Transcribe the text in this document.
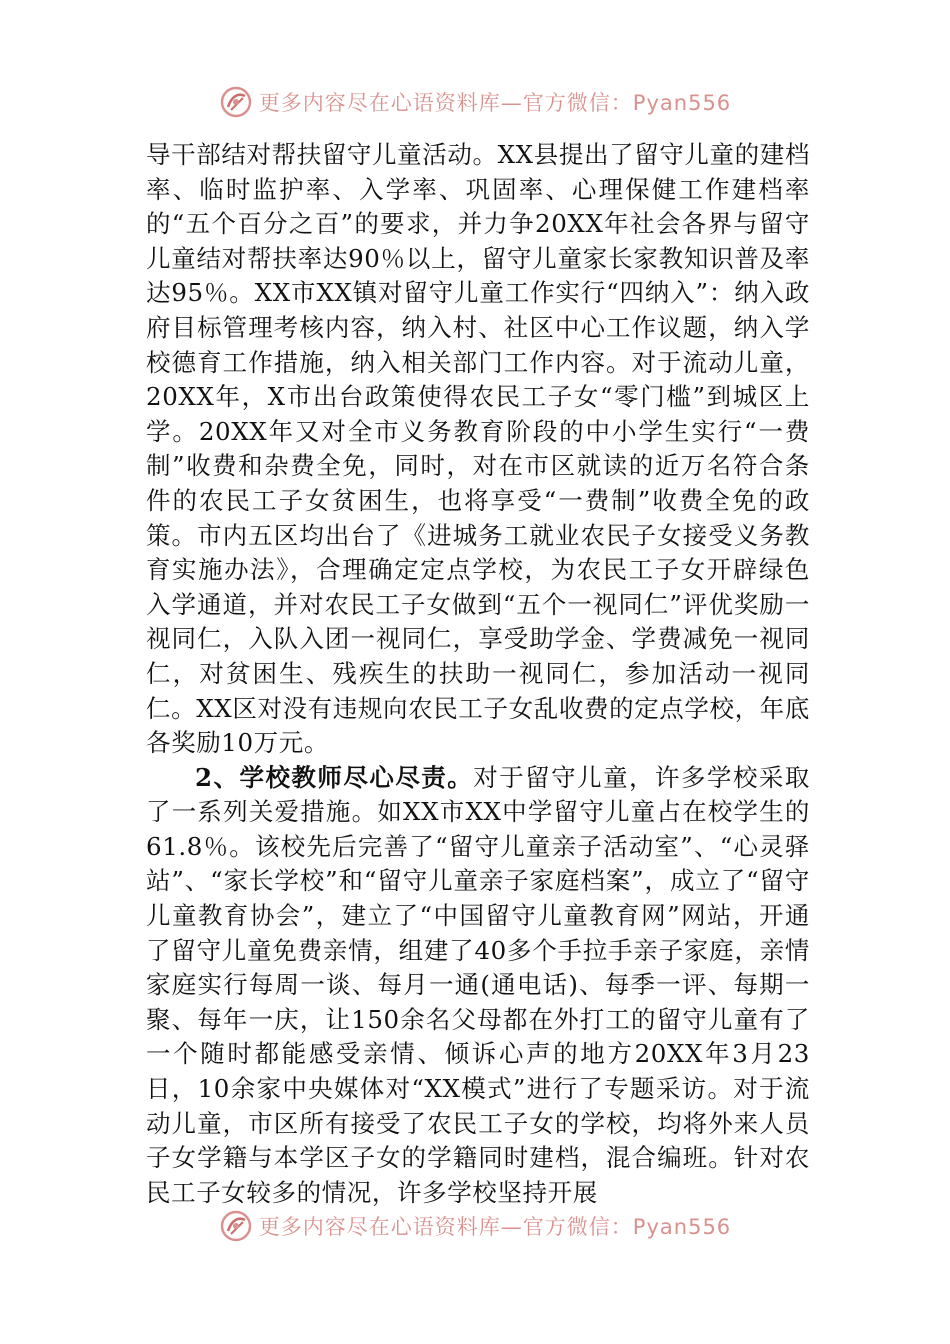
更多内容尽在心语资料库—官方微信：Pyan556

导干部结对帮扶留守儿童活动。XX县提出了留守儿童的建档率、临时监护率、入学率、巩固率、心理保健工作建档率的“五个百分之百”的要求，并力争20XX年社会各界与留守儿童结对帮扶率达90％以上，留守儿童家长家教知识普及率达95％。XX市XX镇对留守儿童工作实行“四纳入”：纳入政府目标管理考核内容，纳入村、社区中心工作议题，纳入学校德育工作措施，纳入相关部门工作内容。对于流动儿童，20XX年，X市出台政策使得农民工子女“零门槛”到城区上学。20XX年又对全市义务教育阶段的中小学生实行“一费制”收费和杂费全免，同时，对在市区就读的近万名符合条件的农民工子女贫困生，也将享受“一费制”收费全免的政策。市内五区均出台了《进城务工就业农民子女接受义务教育实施办法》，合理确定定点学校，为农民工子女开辟绿色入学通道，并对农民工子女做到“五个一视同仁”评优奖励一视同仁，入队入团一视同仁，享受助学金、学费减免一视同仁，对贫困生、残疾生的扶助一视同仁，参加活动一视同仁。XX区对没有违规向农民工子女乱收费的定点学校，年底各奖励10万元。

2、学校教师尽心尽责。对于留守儿童，许多学校采取了一系列关爱措施。如XX市XX中学留守儿童占在校学生的61.8％。该校先后完善了“留守儿童亲子活动室”、“心灵驿站”、“家长学校”和“留守儿童亲子家庭档案”，成立了“留守儿童教育协会”，建立了“中国留守儿童教育网”网站，开通了留守儿童免费亲情，组建了40多个手拉手亲子家庭，亲情家庭实行每周一谈、每月一通(通电话)、每季一评、每期一聚、每年一庆，让150余名父母都在外打工的留守儿童有了一个随时都能感受亲情、倾诉心声的地方20XX年3月23日，10余家中央媒体对“XX模式”进行了专题采访。对于流动儿童，市区所有接受了农民工子女的学校，均将外来人员子女学籍与本学区子女的学籍同时建档，混合编班。针对农民工子女较多的情况，许多学校坚持开展

更多内容尽在心语资料库—官方微信：Pyan556
